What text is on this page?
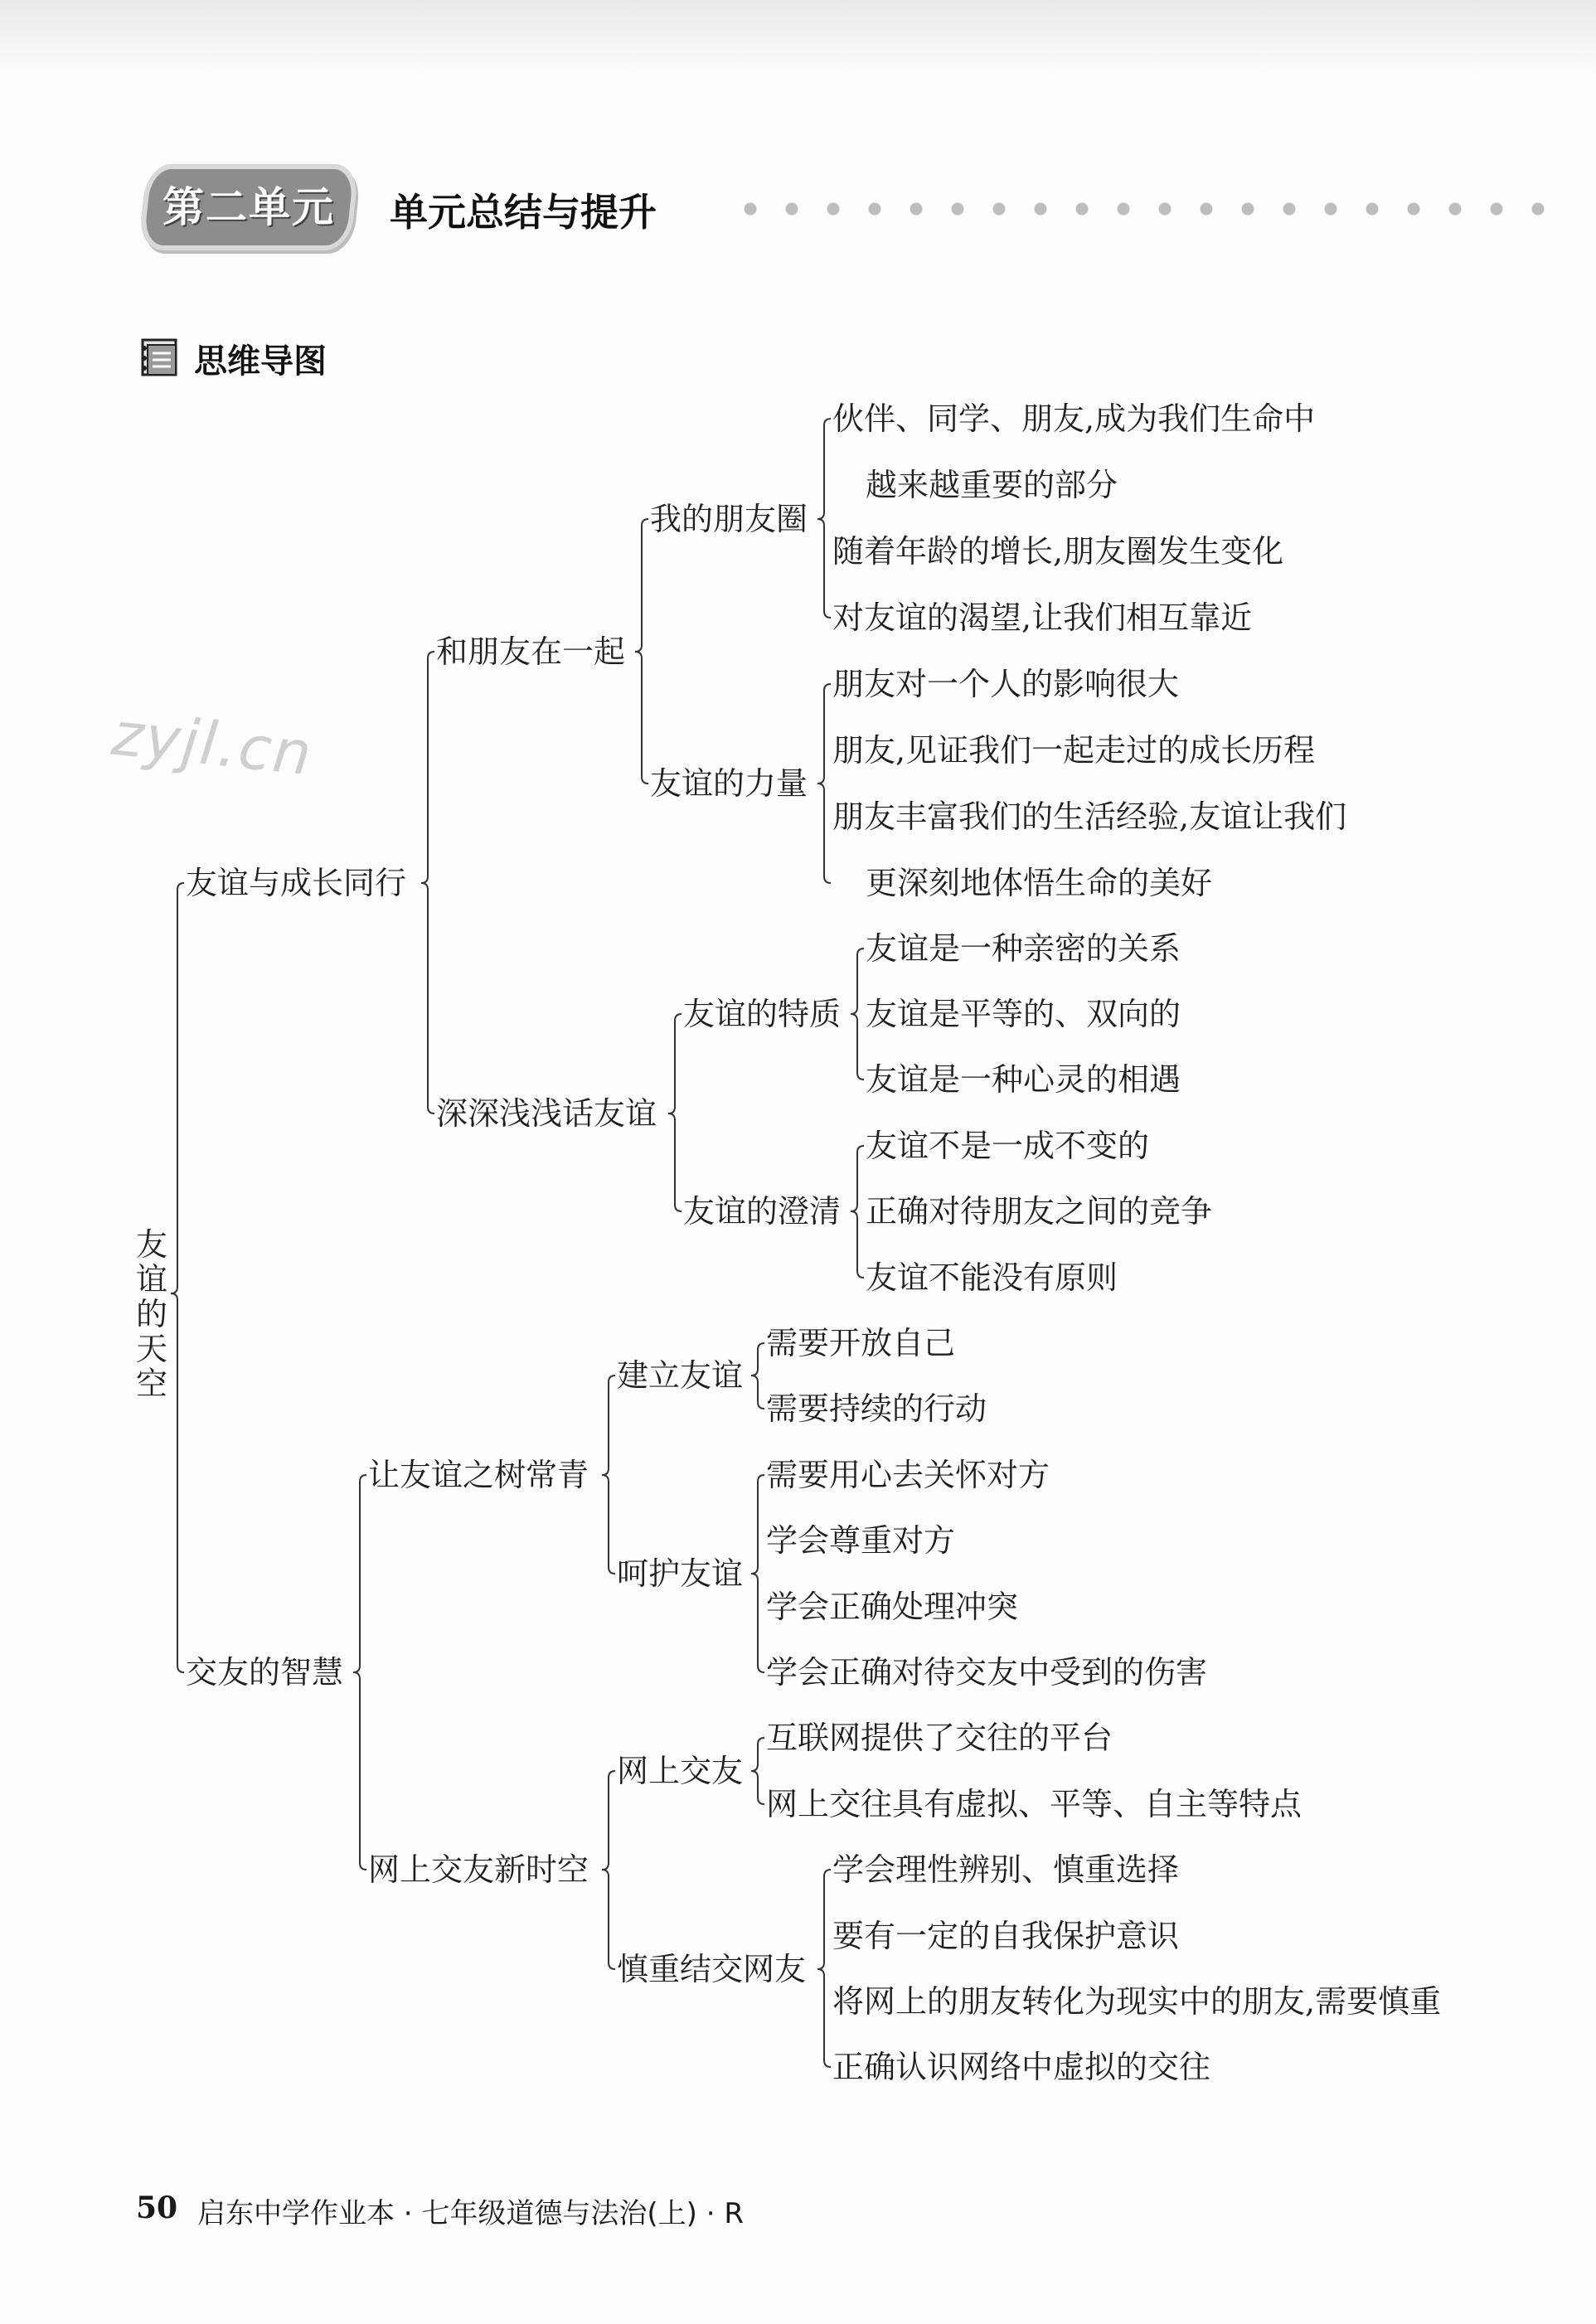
第二单元	单元总结与提升
思维导图
zyjl.cn
友谊的天空
友谊与成长同行
交友的智慧
和朋友在一起
深深浅浅话友谊
让友谊之树常青
网上交友新时空
我的朋友圈
友谊的力量
友谊的特质
友谊的澄清
建立友谊
呵护友谊
网上交友
慎重结交网友
伙伴、同学、朋友,成为我们生命中
越来越重要的部分
随着年龄的增长,朋友圈发生变化
对友谊的渴望,让我们相互靠近
朋友对一个人的影响很大
朋友,见证我们一起走过的成长历程
朋友丰富我们的生活经验,友谊让我们
更深刻地体悟生命的美好
友谊是一种亲密的关系
友谊是平等的、双向的
友谊是一种心灵的相遇
友谊不是一成不变的
正确对待朋友之间的竞争
友谊不能没有原则
需要开放自己
需要持续的行动
需要用心去关怀对方
学会尊重对方
学会正确处理冲突
学会正确对待交友中受到的伤害
互联网提供了交往的平台
网上交往具有虚拟、平等、自主等特点
学会理性辨别、慎重选择
要有一定的自我保护意识
将网上的朋友转化为现实中的朋友,需要慎重
正确认识网络中虚拟的交往
50 启东中学作业本 · 七年级道德与法治(上) · R
